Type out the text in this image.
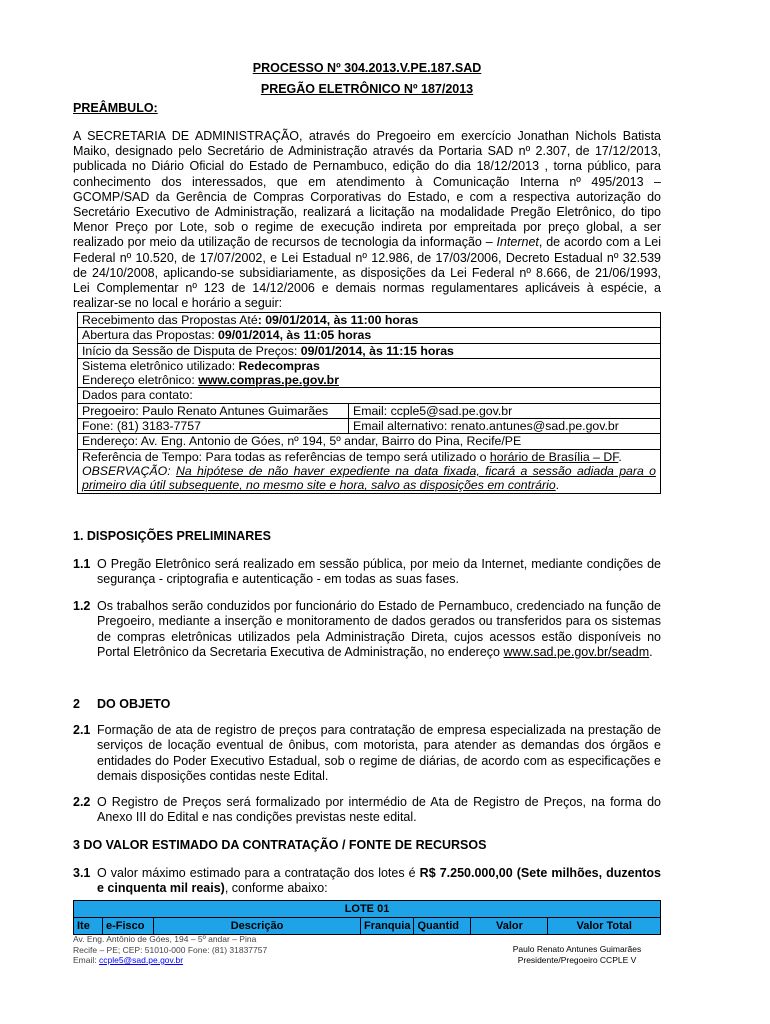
PROCESSO Nº 304.2013.V.PE.187.SAD
PREGÃO ELETRÔNICO Nº 187/2013
PREÂMBULO:
A SECRETARIA DE ADMINISTRAÇÃO, através do Pregoeiro em exercício Jonathan Nichols Batista Maiko, designado pelo Secretário de Administração através da Portaria SAD nº 2.307, de 17/12/2013, publicada no Diário Oficial do Estado de Pernambuco, edição do dia 18/12/2013 , torna público, para conhecimento dos interessados, que em atendimento à Comunicação Interna nº 495/2013 – GCOMP/SAD da Gerência de Compras Corporativas do Estado, e com a respectiva autorização do Secretário Executivo de Administração, realizará a licitação na modalidade Pregão Eletrônico, do tipo Menor Preço por Lote, sob o regime de execução indireta por empreitada por preço global, a ser realizado por meio da utilização de recursos de tecnologia da informação – Internet, de acordo com a Lei Federal nº 10.520, de 17/07/2002, e Lei Estadual nº 12.986, de 17/03/2006, Decreto Estadual nº 32.539 de 24/10/2008, aplicando-se subsidiariamente, as disposições da Lei Federal nº 8.666, de 21/06/1993, Lei Complementar nº 123 de 14/12/2006 e demais normas regulamentares aplicáveis à espécie, a realizar-se no local e horário a seguir:
Recebimento das Propostas Até: 09/01/2014, às 11:00 horas	
Abertura das Propostas: 09/01/2014, às 11:05 horas	
Início da Sessão de Disputa de Preços: 09/01/2014, às 11:15 horas	
Sistema eletrônico utilizado: Redecompras
Endereço eletrônico: www.compras.pe.gov.br	
Dados para contato:	
Pregoeiro: Paulo Renato Antunes Guimarães	Email: ccple5@sad.pe.gov.br
Fone: (81) 3183-7757	Email alternativo: renato.antunes@sad.pe.gov.br
Endereço: Av. Eng. Antonio de Góes, nº 194, 5º andar, Bairro do Pina, Recife/PE	
Referência de Tempo: Para todas as referências de tempo será utilizado o horário de Brasília – DF.
OBSERVAÇÃO: Na hipótese de não haver expediente na data fixada, ficará a sessão adiada para o primeiro dia útil subsequente, no mesmo site e hora, salvo as disposições em contrário.	
1. DISPOSIÇÕES PRELIMINARES
1.1 O Pregão Eletrônico será realizado em sessão pública, por meio da Internet, mediante condições de segurança - criptografia e autenticação - em todas as suas fases.
1.2 Os trabalhos serão conduzidos por funcionário do Estado de Pernambuco, credenciado na função de Pregoeiro, mediante a inserção e monitoramento de dados gerados ou transferidos para os sistemas de compras eletrônicas utilizados pela Administração Direta, cujos acessos estão disponíveis no Portal Eletrônico da Secretaria Executiva de Administração, no endereço www.sad.pe.gov.br/seadm.
2 DO OBJETO
2.1 Formação de ata de registro de preços para contratação de empresa especializada na prestação de serviços de locação eventual de ônibus, com motorista, para atender as demandas dos órgãos e entidades do Poder Executivo Estadual, sob o regime de diárias, de acordo com as especificações e demais disposições contidas neste Edital.
2.2 O Registro de Preços será formalizado por intermédio de Ata de Registro de Preços, na forma do Anexo III do Edital e nas condições previstas neste edital.
3 DO VALOR ESTIMADO DA CONTRATAÇÃO / FONTE DE RECURSOS
3.1 O valor máximo estimado para a contratação dos lotes é R$ 7.250.000,00 (Sete milhões, duzentos e cinquenta mil reais), conforme abaixo:
LOTE 01
Ite	e-Fisco	Descrição	Franquia	Quantid	Valor	Valor Total
Av. Eng. Antônio de Góes, 194 – 5º andar – Pina
Recife – PE; CEP: 51010-000 Fone: (81) 31837757
Email: ccple5@sad.pe.gov.br
Paulo Renato Antunes Guimarães
Presidente/Pregoeiro CCPLE V
